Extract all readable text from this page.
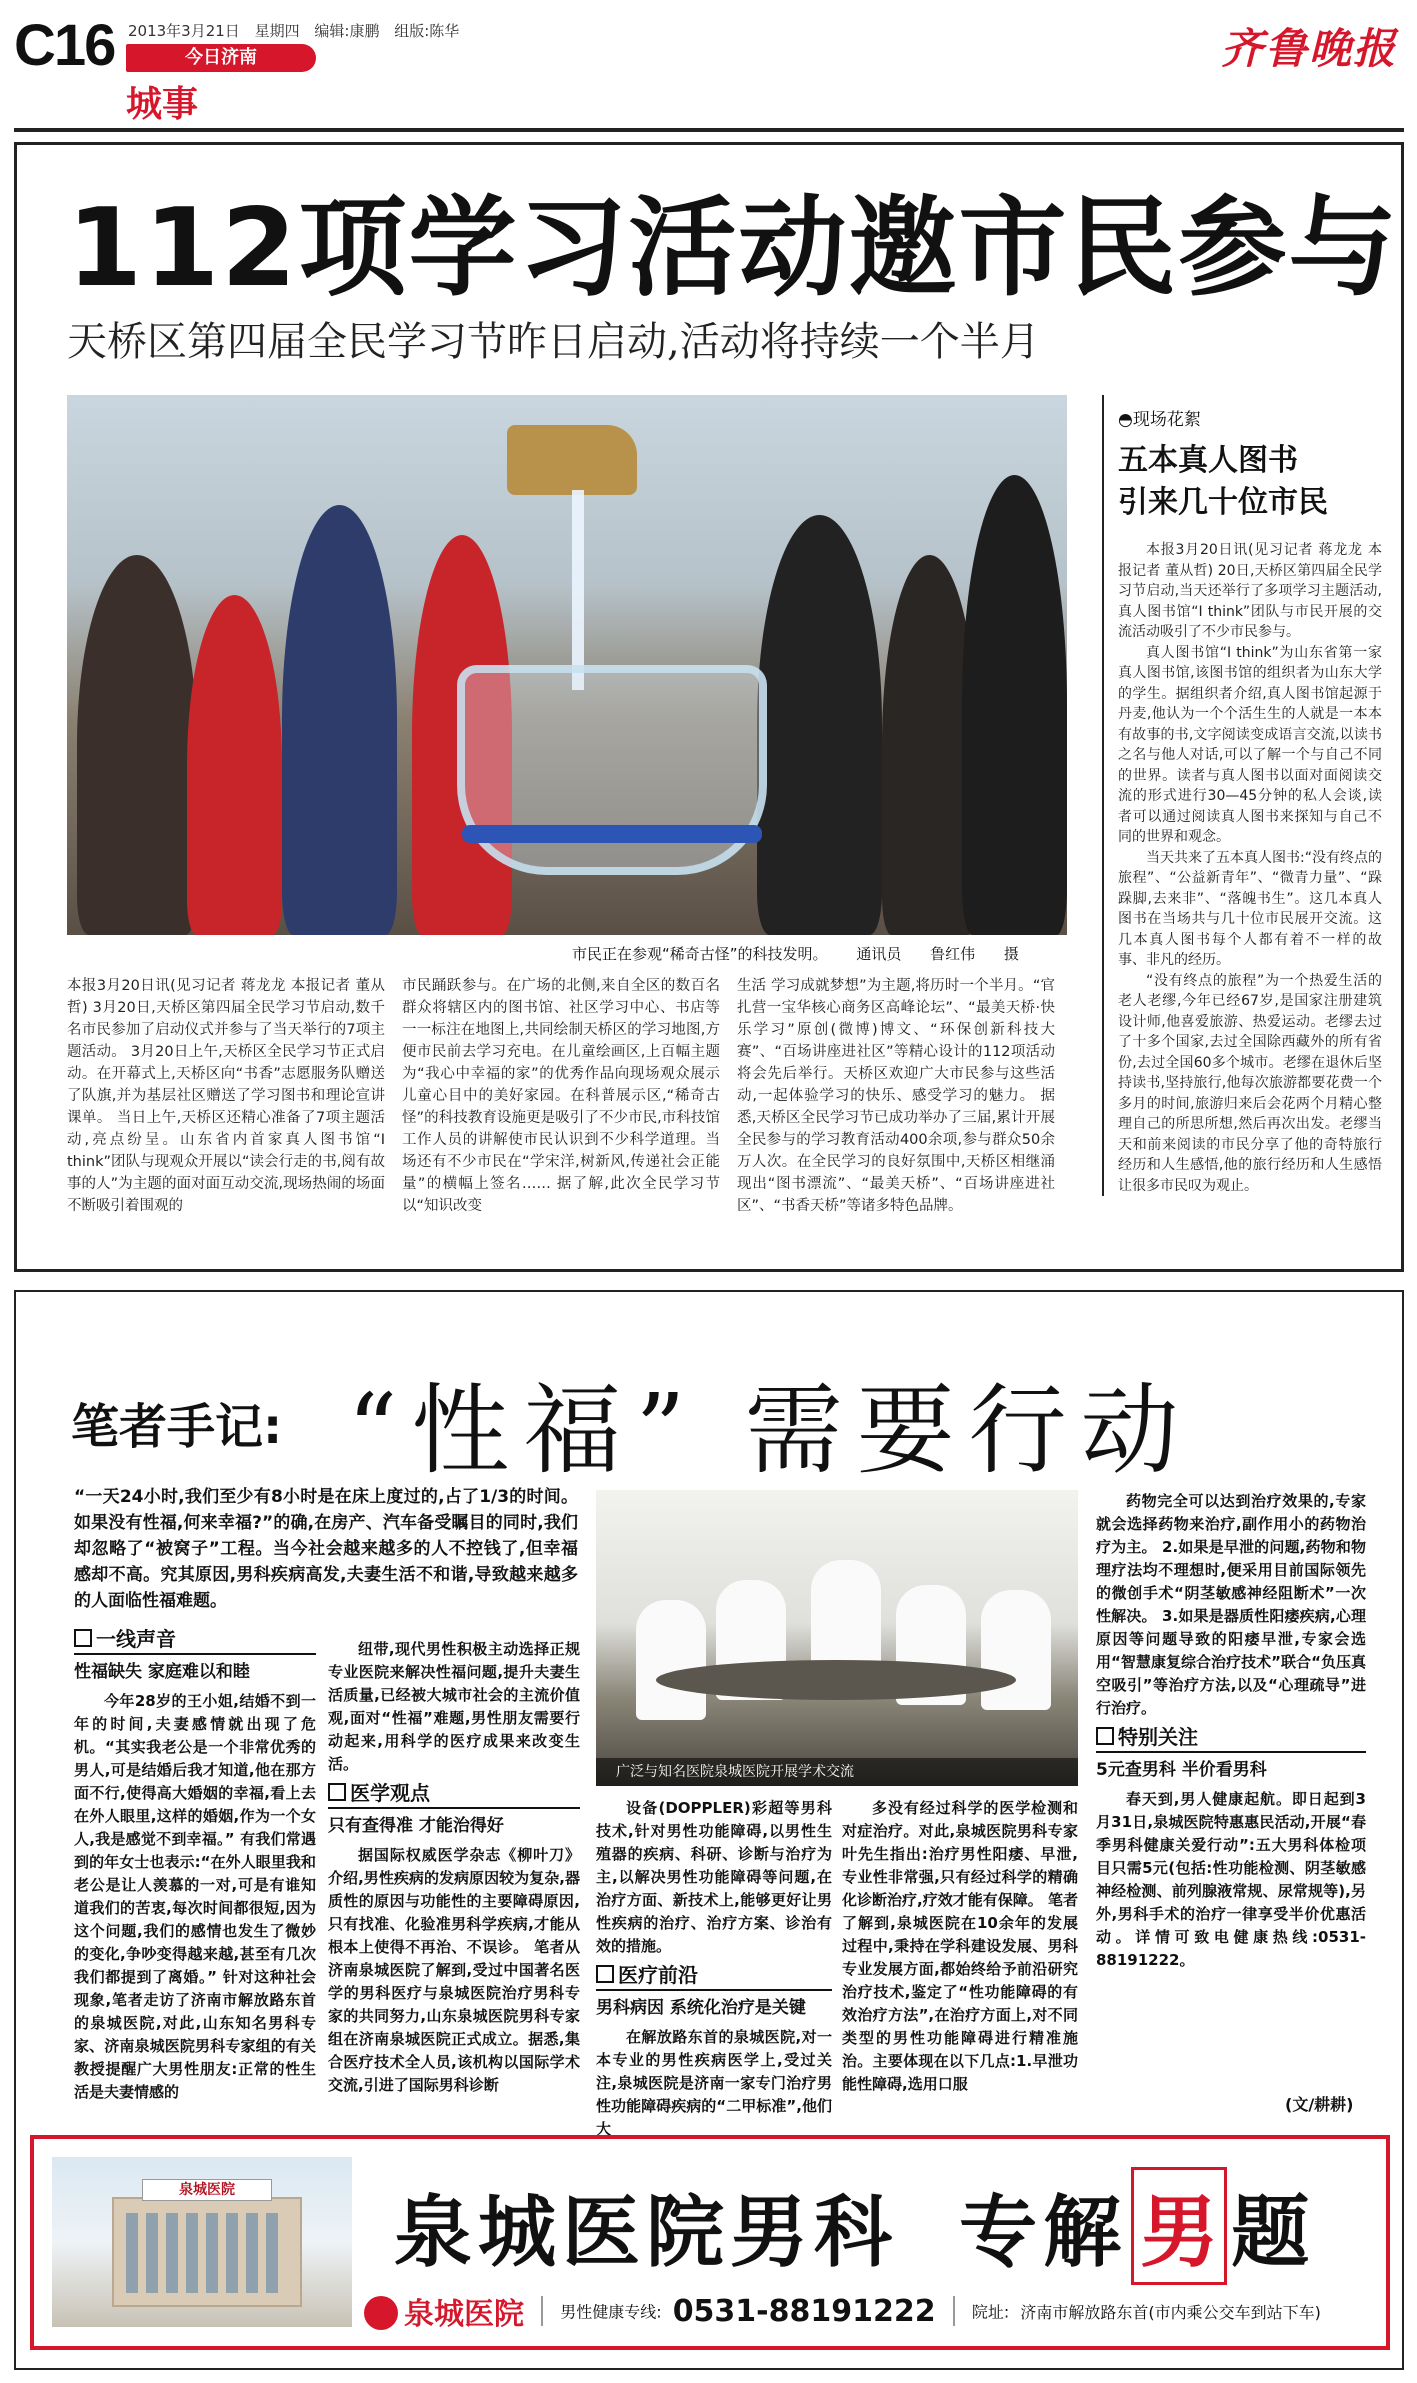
C16 2013年3月21日 星期四 编辑:康鹏 组版:陈华
今日济南
城事
齐鲁晚报
112项学习活动邀市民参与
天桥区第四届全民学习节昨日启动,活动将持续一个半月
市民正在参观“稀奇古怪”的科技发明。 通讯员 鲁红伟 摄
本报3月20日讯(见习记者 蒋龙龙 本报记者 董从哲) 3月20日,天桥区第四届全民学习节启动,数千名市民参加了启动仪式并参与了当天举行的7项主题活动。 3月20日上午,天桥区全民学习节正式启动。在开幕式上,天桥区向“书香”志愿服务队赠送了队旗,并为基层社区赠送了学习图书和理论宣讲课单。 当日上午,天桥区还精心准备了7项主题活动,亮点纷呈。山东省内首家真人图书馆“I think”团队与现观众开展以“读会行走的书,阅有故事的人”为主题的面对面互动交流,现场热闹的场面不断吸引着围观的
市民踊跃参与。在广场的北侧,来自全区的数百名群众将辖区内的图书馆、社区学习中心、书店等一一标注在地图上,共同绘制天桥区的学习地图,方便市民前去学习充电。在儿童绘画区,上百幅主题为“我心中幸福的家”的优秀作品向现场观众展示儿童心目中的美好家园。在科普展示区,“稀奇古怪”的科技教育设施更是吸引了不少市民,市科技馆工作人员的讲解使市民认识到不少科学道理。当场还有不少市民在“学宋洋,树新风,传递社会正能量”的横幅上签名…… 据了解,此次全民学习节以“知识改变
生活 学习成就梦想”为主题,将历时一个半月。“官扎营一宝华核心商务区高峰论坛”、“最美天桥·快乐学习”原创(微博)博文、“环保创新科技大赛”、“百场讲座进社区”等精心设计的112项活动将会先后举行。天桥区欢迎广大市民参与这些活动,一起体验学习的快乐、感受学习的魅力。 据悉,天桥区全民学习节已成功举办了三届,累计开展全民参与的学习教育活动400余项,参与群众50余万人次。在全民学习的良好氛围中,天桥区相继涌现出“图书漂流”、“最美天桥”、“百场讲座进社区”、“书香天桥”等诸多特色品牌。
◓现场花絮
五本真人图书
引来几十位市民

本报3月20日讯(见习记者 蒋龙龙 本报记者 董从哲) 20日,天桥区第四届全民学习节启动,当天还举行了多项学习主题活动,真人图书馆“I think”团队与市民开展的交流活动吸引了不少市民参与。

真人图书馆“I think”为山东省第一家真人图书馆,该图书馆的组织者为山东大学的学生。据组织者介绍,真人图书馆起源于丹麦,他认为一个个活生生的人就是一本本有故事的书,文字阅读变成语言交流,以读书之名与他人对话,可以了解一个与自己不同的世界。读者与真人图书以面对面阅读交流的形式进行30—45分钟的私人会谈,读者可以通过阅读真人图书来探知与自己不同的世界和观念。

当天共来了五本真人图书:“没有终点的旅程”、“公益新青年”、“微青力量”、“跺跺脚,去来非”、“落魄书生”。这几本真人图书在当场共与几十位市民展开交流。这几本真人图书每个人都有着不一样的故事、非凡的经历。

“没有终点的旅程”为一个热爱生活的老人老缪,今年已经67岁,是国家注册建筑设计师,他喜爱旅游、热爱运动。老缪去过了十多个国家,去过全国除西藏外的所有省份,去过全国60多个城市。老缪在退休后坚持读书,坚持旅行,他每次旅游都要花费一个多月的时间,旅游归来后会花两个月精心整理自己的所思所想,然后再次出发。老缪当天和前来阅读的市民分享了他的奇特旅行经历和人生感悟,他的旅行经历和人生感悟让很多市民叹为观止。

笔者手记: “性福” 需要行动
“一天24小时,我们至少有8小时是在床上度过的,占了1/3的时间。如果没有性福,何来幸福?”的确,在房产、汽车备受瞩目的同时,我们却忽略了“被窝子”工程。当今社会越来越多的人不控钱了,但幸福感却不高。究其原因,男科疾病高发,夫妻生活不和谐,导致越来越多的人面临性福难题。
广泛与知名医院泉城医院开展学术交流
一线声音
性福缺失 家庭难以和睦

今年28岁的王小姐,结婚不到一年的时间,夫妻感情就出现了危机。“其实我老公是一个非常优秀的男人,可是结婚后我才知道,他在那方面不行,使得高大婚姻的幸福,看上去在外人眼里,这样的婚姻,作为一个女人,我是感觉不到幸福。” 有我们常遇到的年女士也表示:“在外人眼里我和老公是让人羡慕的一对,可是有谁知道我们的苦衷,每次时间都很短,因为这个问题,我们的感情也发生了微妙的变化,争吵变得越来越,甚至有几次我们都提到了离婚。” 针对这种社会现象,笔者走访了济南市解放路东首的泉城医院,对此,山东知名男科专家、济南泉城医院男科专家组的有关教授提醒广大男性朋友:正常的性生活是夫妻情感的

纽带,现代男性积极主动选择正规专业医院来解决性福问题,提升夫妻生活质量,已经被大城市社会的主流价值观,面对“性福”难题,男性朋友需要行动起来,用科学的医疗成果来改变生活。

医学观点
只有查得准 才能治得好

据国际权威医学杂志《柳叶刀》介绍,男性疾病的发病原因较为复杂,器质性的原因与功能性的主要障碍原因,只有找准、化验准男科学疾病,才能从根本上使得不再治、不误诊。 笔者从济南泉城医院了解到,受过中国著名医学的男科医疗与泉城医院治疗男科专家的共同努力,山东泉城医院男科专家组在济南泉城医院正式成立。据悉,集合医疗技术全人员,该机构以国际学术交流,引进了国际男科诊断

设备(DOPPLER)彩超等男科技术,针对男性功能障碍,以男性生殖器的疾病、科研、诊断与治疗为主,以解决男性功能障碍等问题,在治疗方面、新技术上,能够更好让男性疾病的治疗、治疗方案、诊治有效的措施。

医疗前沿
男科病因 系统化治疗是关键

在解放路东首的泉城医院,对一本专业的男性疾病医学上,受过关注,泉城医院是济南一家专门治疗男性功能障碍疾病的“二甲标准”,他们大

多没有经过科学的医学检测和对症治疗。对此,泉城医院男科专家叶先生指出:治疗男性阳痿、早泄,专业性非常强,只有经过科学的精确化诊断治疗,疗效才能有保障。 笔者了解到,泉城医院在10余年的发展过程中,秉持在学科建设发展、男科专业发展方面,都始终给予前沿研究治疗技术,鉴定了“性功能障碍的有效治疗方法”,在治疗方面上,对不同类型的男性功能障碍进行精准施治。主要体现在以下几点:1.早泄功能性障碍,选用口服

药物完全可以达到治疗效果的,专家就会选择药物来治疗,副作用小的药物治疗为主。 2.如果是早泄的问题,药物和物理疗法均不理想时,便采用目前国际领先的微创手术“阴茎敏感神经阻断术”一次性解决。 3.如果是器质性阳痿疾病,心理原因等问题导致的阳痿早泄,专家会选用“智慧康复综合治疗技术”联合“负压真空吸引”等治疗方法,以及“心理疏导”进行治疗。

特别关注
5元查男科 半价看男科

春天到,男人健康起航。即日起到3月31日,泉城医院特惠惠民活动,开展“春季男科健康关爱行动”:五大男科体检项目只需5元(包括:性功能检测、阴茎敏感神经检测、前列腺液常规、尿常规等),另外,男科手术的治疗一律享受半价优惠活动。详情可致电健康热线:0531-88191222。

(文/耕耕)
泉城医院	泉城医院男科 专解 男 题
泉城医院 男性健康专线: 0531-88191222 院址: 济南市解放路东首(市内乘公交车到站下车)
